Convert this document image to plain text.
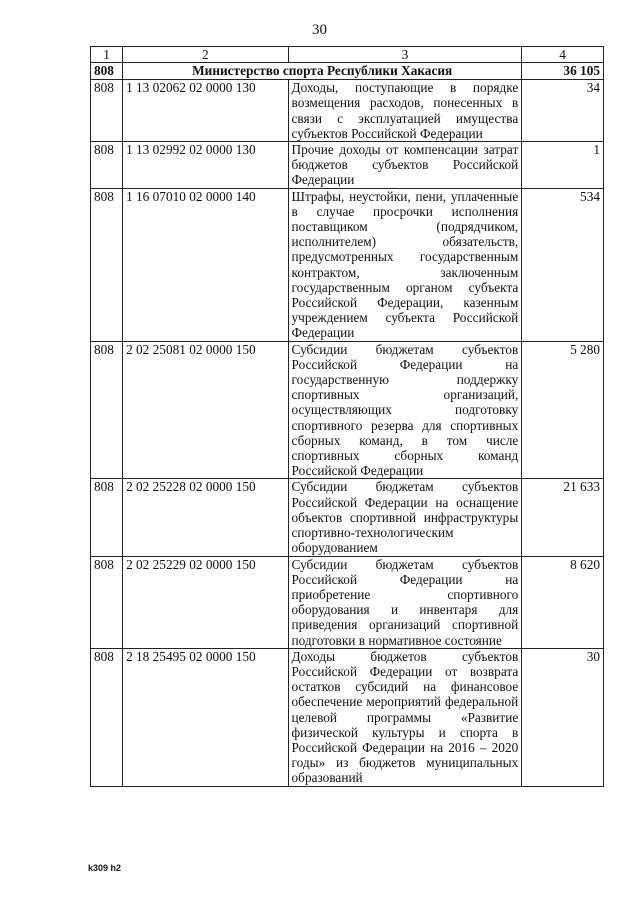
30
1	2	3	4
808	Министерство спорта Республики Хакасия		36 105
808	1 13 02062 02 0000 130	Доходы, поступающие в порядке возмещения расходов, понесенных в связи с эксплуатацией имущества субъектов Российской Федерации	34
808	1 13 02992 02 0000 130	Прочие доходы от компенсации затрат бюджетов субъектов Российской Федерации	1
808	1 16 07010 02 0000 140	Штрафы, неустойки, пени, уплаченные в случае просрочки исполнения поставщиком (подрядчиком, исполнителем) обязательств, предусмотренных государственным контрактом, заключенным государственным органом субъекта Российской Федерации, казенным учреждением субъекта Российской Федерации	534
808	2 02 25081 02 0000 150	Субсидии бюджетам субъектов Российской Федерации на государственную поддержку спортивных организаций, осуществляющих подготовку спортивного резерва для спортивных сборных команд, в том числе спортивных сборных команд Российской Федерации	5 280
808	2 02 25228 02 0000 150	Субсидии бюджетам субъектов Российской Федерации на оснащение объектов спортивной инфраструктуры спортивно-технологическим оборудованием	21 633
808	2 02 25229 02 0000 150	Субсидии бюджетам субъектов Российской Федерации на приобретение спортивного оборудования и инвентаря для приведения организаций спортивной подготовки в нормативное состояние	8 620
808	2 18 25495 02 0000 150	Доходы бюджетов субъектов Российской Федерации от возврата остатков субсидий на финансовое обеспечение мероприятий федеральной целевой программы «Развитие физической культуры и спорта в Российской Федерации на 2016 – 2020 годы» из бюджетов муниципальных образований	30
k309 h2
